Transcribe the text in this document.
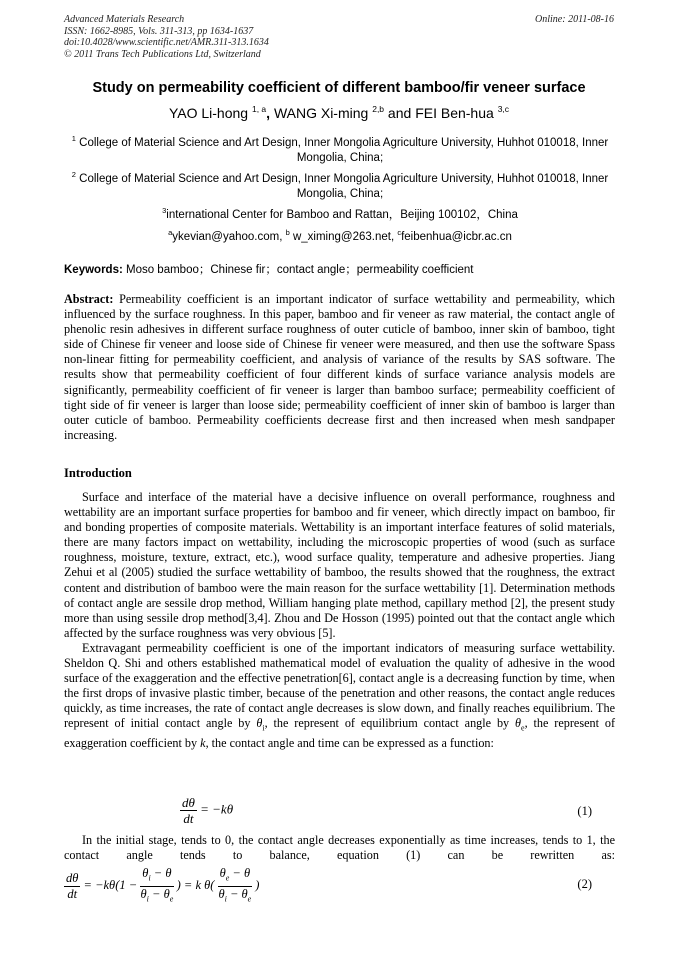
Advanced Materials Research
ISSN: 1662-8985, Vols. 311-313, pp 1634-1637
doi:10.4028/www.scientific.net/AMR.311-313.1634
© 2011 Trans Tech Publications Ltd, Switzerland
Online: 2011-08-16
Study on permeability coefficient of different bamboo/fir veneer surface
YAO Li-hong $^{1, a}$, WANG Xi-ming $^{2,b}$ and FEI Ben-hua $^{3,c}$
$^1$ College of Material Science and Art Design, Inner Mongolia Agriculture University, Huhhot 010018, Inner Mongolia, China;
$^2$ College of Material Science and Art Design, Inner Mongolia Agriculture University, Huhhot 010018, Inner Mongolia, China;
$^3$international Center for Bamboo and Rattan，Beijing 100102，China
$^a$ykevian@yahoo.com, $^b$ w_ximing@263.net, $^c$feibenhua@icbr.ac.cn
Keywords: Moso bamboo；Chinese fir；contact angle；permeability coefficient

Abstract: Permeability coefficient is an important indicator of surface wettability and permeability, which influenced by the surface roughness. In this paper, bamboo and fir veneer as raw material, the contact angle of phenolic resin adhesives in different surface roughness of outer cuticle of bamboo, inner skin of bamboo, tight side of Chinese fir veneer and loose side of Chinese fir veneer were measured, and then use the software Spass non-linear fitting for permeability coefficient, and analysis of variance of the results by SAS software. The results show that permeability coefficient of four different kinds of surface variance analysis models are significantly, permeability coefficient of fir veneer is larger than bamboo surface; permeability coefficient of tight side of fir veneer is larger than loose side; permeability coefficient of inner skin of bamboo is larger than outer cuticle of bamboo. Permeability coefficients decrease first and then increased when mesh sandpaper increasing.

Introduction

Surface and interface of the material have a decisive influence on overall performance, roughness and wettability are an important surface properties for bamboo and fir veneer, which directly impact on bamboo, fir and bonding properties of composite materials. Wettability is an important interface features of solid materials, there are many factors impact on wettability, including the microscopic properties of wood (such as surface roughness, moisture, texture, extract, etc.), wood surface quality, temperature and adhesive properties. Jiang Zehui et al (2005) studied the surface wettability of bamboo, the results showed that the roughness, the extract content and distribution of bamboo were the main reason for the surface wettability [1]. Determination methods of contact angle are sessile drop method, William hanging plate method, capillary method [2], the present study more than using sessile drop method[3,4]. Zhou and De Hosson (1995) pointed out that the contact angle which affected by the surface roughness was very obvious [5].

Extravagant permeability coefficient is one of the important indicators of measuring surface wettability. Sheldon Q. Shi and others established mathematical model of evaluation the quality of adhesive in the wood surface of the exaggeration and the effective penetration[6], contact angle is a decreasing function by time, when the first drops of invasive plastic timber, because of the penetration and other reasons, the contact angle reduces quickly, as time increases, the rate of contact angle decreases is slow down, and finally reaches equilibrium. The represent of initial contact angle by $\theta_i$, the represent of equilibrium contact angle by $\theta_e$, the represent of exaggeration coefficient by k, the contact angle and time can be expressed as a function:

$\frac{d\theta}{dt} = -k\theta$	(1)

In the initial stage, tends to 0, the contact angle decreases exponentially as time increases, tends to 1, the contact angle tends to balance, equation (1) can be rewritten as:

$\frac{d\theta}{dt} = -k\theta(1 - \frac{\theta_i - \theta}{\theta_i - \theta_e}$ ) = k $\theta( \frac{\theta_e - \theta}{\theta_i - \theta_e}$ )	(2)
